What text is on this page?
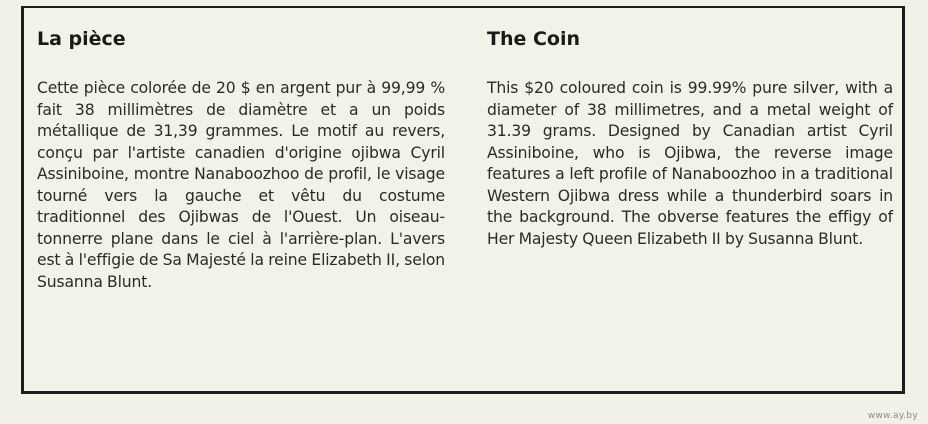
La pièce

Cette pièce colorée de 20 $ en argent pur à 99,99 % fait 38 millimètres de diamètre et a un poids métallique de 31,39 grammes. Le motif au revers, conçu par l'artiste canadien d'origine ojibwa Cyril Assiniboine, montre Nanaboozhoo de profil, le visage tourné vers la gauche et vêtu du costume traditionnel des Ojibwas de l'Ouest. Un oiseau-tonnerre plane dans le ciel à l'arrière-plan. L'avers est à l'effigie de Sa Majesté la reine Elizabeth II, selon Susanna Blunt.

The Coin

This $20 coloured coin is 99.99% pure silver, with a diameter of 38 millimetres, and a metal weight of 31.39 grams. Designed by Canadian artist Cyril Assiniboine, who is Ojibwa, the reverse image features a left profile of Nanaboozhoo in a traditional Western Ojibwa dress while a thunderbird soars in the background. The obverse features the effigy of Her Majesty Queen Elizabeth II by Susanna Blunt.

www.ay.by
